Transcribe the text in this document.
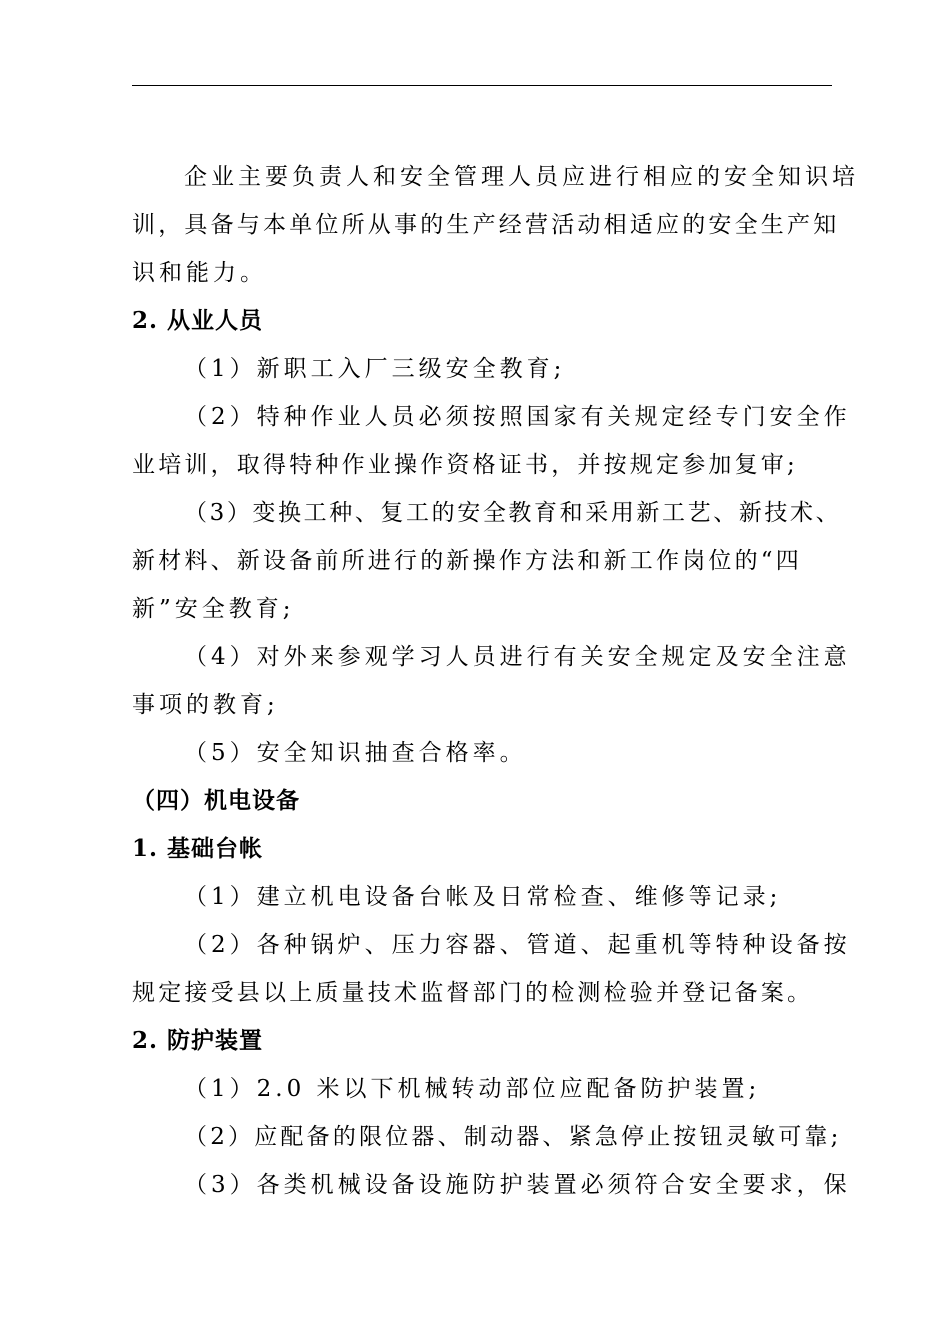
企业主要负责人和安全管理人员应进行相应的安全知识培
训，具备与本单位所从事的生产经营活动相适应的安全生产知
识和能力。
2. 从业人员
（1）新职工入厂三级安全教育;
（2）特种作业人员必须按照国家有关规定经专门安全作
业培训，取得特种作业操作资格证书，并按规定参加复审;
（3）变换工种、复工的安全教育和采用新工艺、新技术、
新材料、新设备前所进行的新操作方法和新工作岗位的“四
新”安全教育;
（4）对外来参观学习人员进行有关安全规定及安全注意
事项的教育;
（5）安全知识抽查合格率。
（四）机电设备
1. 基础台帐
（1）建立机电设备台帐及日常检查、维修等记录;
（2）各种锅炉、压力容器、管道、起重机等特种设备按
规定接受县以上质量技术监督部门的检测检验并登记备案。
2. 防护装置
（1）2.0 米以下机械转动部位应配备防护装置;
（2）应配备的限位器、制动器、紧急停止按钮灵敏可靠;
（3）各类机械设备设施防护装置必须符合安全要求，保
